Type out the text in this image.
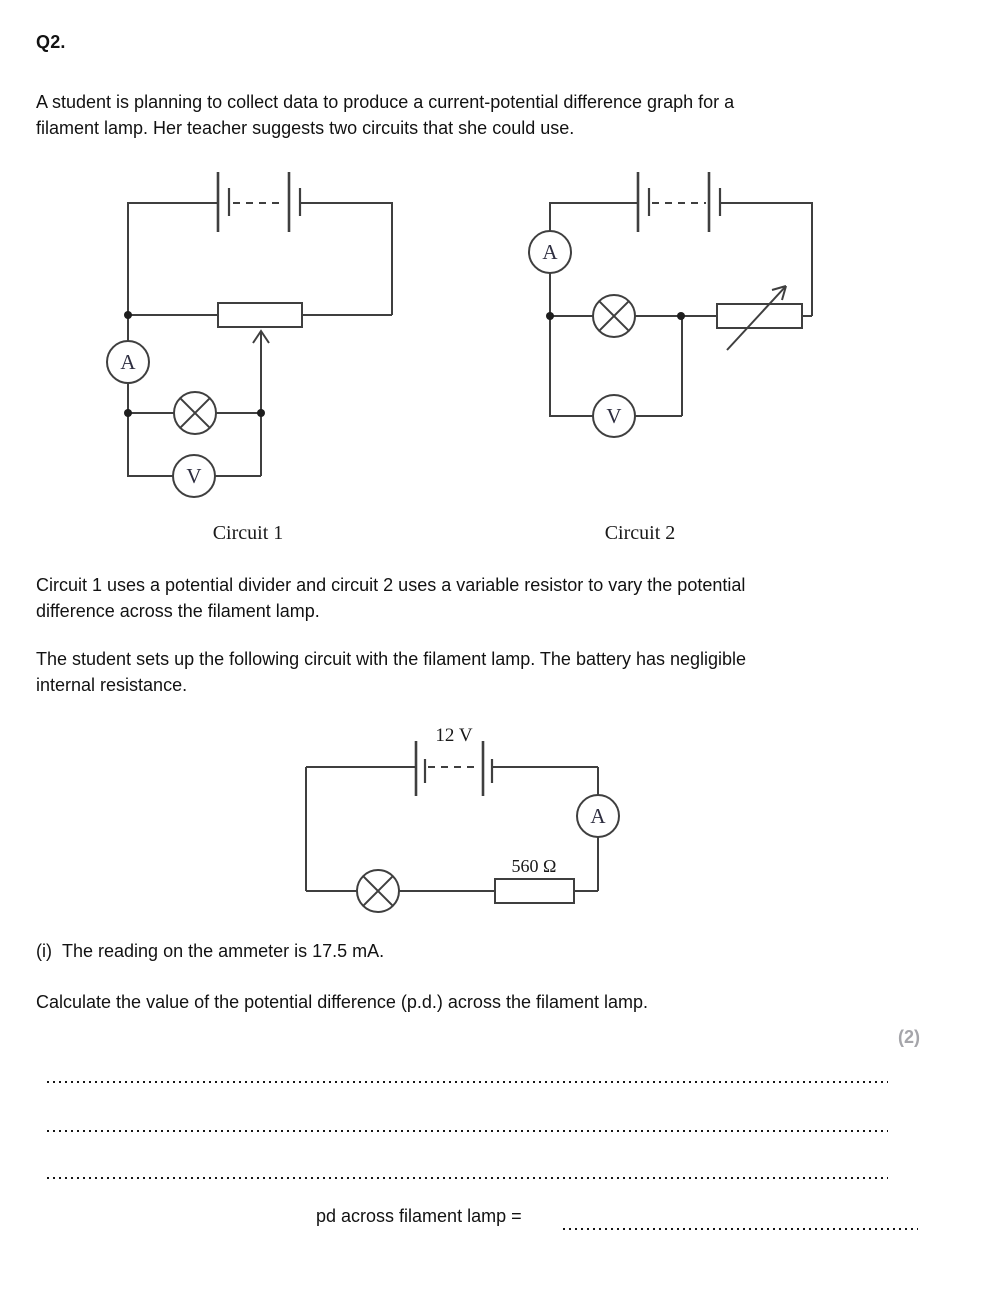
Q2.
A student is planning to collect data to produce a current-potential difference graph for a
filament lamp. Her teacher suggests two circuits that she could use.
A
V
Circuit 1
A
V
Circuit 2
Circuit 1 uses a potential divider and circuit 2 uses a variable resistor to vary the potential
difference across the filament lamp.
The student sets up the following circuit with the filament lamp. The battery has negligible
internal resistance.
12 V
A
560 Ω
(i) The reading on the ammeter is 17.5 mA.
Calculate the value of the potential difference (p.d.) across the filament lamp.
(2)
pd across filament lamp =
